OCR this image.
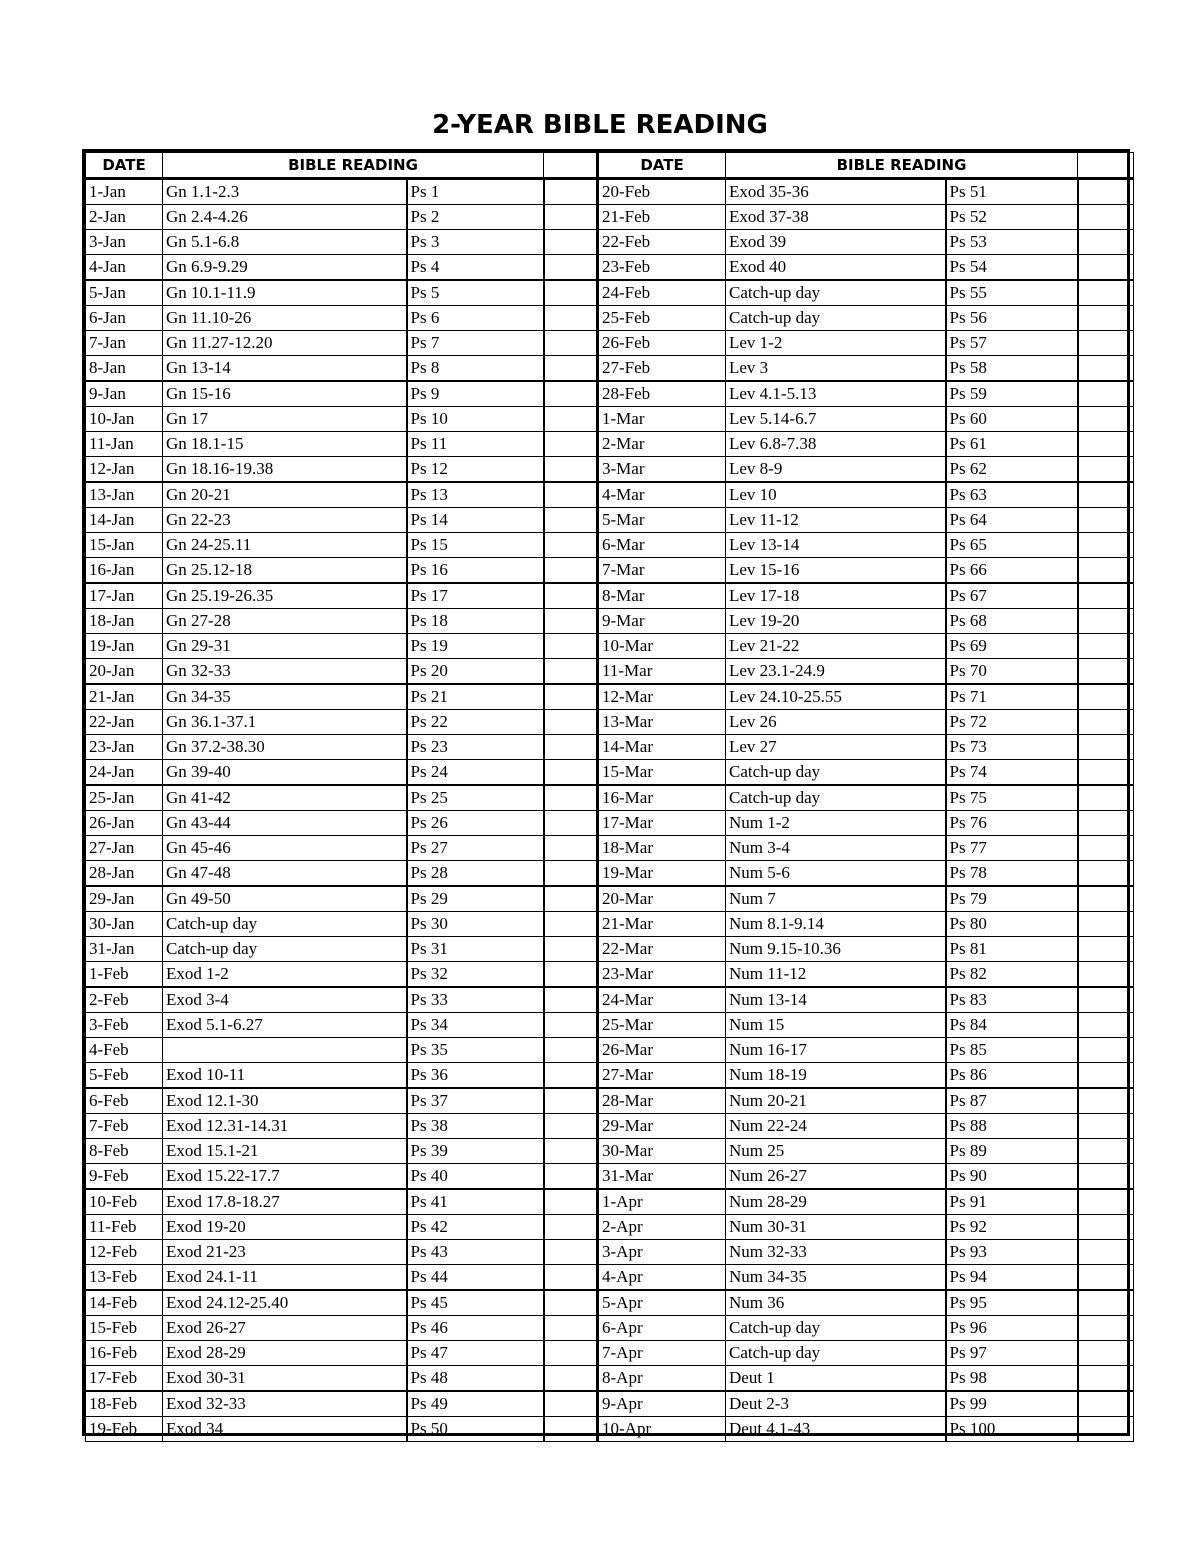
2-YEAR BIBLE READING
DATE	BIBLE READING			DATE	BIBLE READING		
1-Jan	Gn 1.1-2.3	Ps 1		20-Feb	Exod 35-36	Ps 51	
2-Jan	Gn 2.4-4.26	Ps 2		21-Feb	Exod 37-38	Ps 52	
3-Jan	Gn 5.1-6.8	Ps 3		22-Feb	Exod 39	Ps 53	
4-Jan	Gn 6.9-9.29	Ps 4		23-Feb	Exod 40	Ps 54	
5-Jan	Gn 10.1-11.9	Ps 5		24-Feb	Catch-up day	Ps 55	
6-Jan	Gn 11.10-26	Ps 6		25-Feb	Catch-up day	Ps 56	
7-Jan	Gn 11.27-12.20	Ps 7		26-Feb	Lev 1-2	Ps 57	
8-Jan	Gn 13-14	Ps 8		27-Feb	Lev 3	Ps 58	
9-Jan	Gn 15-16	Ps 9		28-Feb	Lev 4.1-5.13	Ps 59	
10-Jan	Gn 17	Ps 10		1-Mar	Lev 5.14-6.7	Ps 60	
11-Jan	Gn 18.1-15	Ps 11		2-Mar	Lev 6.8-7.38	Ps 61	
12-Jan	Gn 18.16-19.38	Ps 12		3-Mar	Lev 8-9	Ps 62	
13-Jan	Gn 20-21	Ps 13		4-Mar	Lev 10	Ps 63	
14-Jan	Gn 22-23	Ps 14		5-Mar	Lev 11-12	Ps 64	
15-Jan	Gn 24-25.11	Ps 15		6-Mar	Lev 13-14	Ps 65	
16-Jan	Gn 25.12-18	Ps 16		7-Mar	Lev 15-16	Ps 66	
17-Jan	Gn 25.19-26.35	Ps 17		8-Mar	Lev 17-18	Ps 67	
18-Jan	Gn 27-28	Ps 18		9-Mar	Lev 19-20	Ps 68	
19-Jan	Gn 29-31	Ps 19		10-Mar	Lev 21-22	Ps 69	
20-Jan	Gn 32-33	Ps 20		11-Mar	Lev 23.1-24.9	Ps 70	
21-Jan	Gn 34-35	Ps 21		12-Mar	Lev 24.10-25.55	Ps 71	
22-Jan	Gn 36.1-37.1	Ps 22		13-Mar	Lev 26	Ps 72	
23-Jan	Gn 37.2-38.30	Ps 23		14-Mar	Lev 27	Ps 73	
24-Jan	Gn 39-40	Ps 24		15-Mar	Catch-up day	Ps 74	
25-Jan	Gn 41-42	Ps 25		16-Mar	Catch-up day	Ps 75	
26-Jan	Gn 43-44	Ps 26		17-Mar	Num 1-2	Ps 76	
27-Jan	Gn 45-46	Ps 27		18-Mar	Num 3-4	Ps 77	
28-Jan	Gn 47-48	Ps 28		19-Mar	Num 5-6	Ps 78	
29-Jan	Gn 49-50	Ps 29		20-Mar	Num 7	Ps 79	
30-Jan	Catch-up day	Ps 30		21-Mar	Num 8.1-9.14	Ps 80	
31-Jan	Catch-up day	Ps 31		22-Mar	Num 9.15-10.36	Ps 81	
1-Feb	Exod 1-2	Ps 32		23-Mar	Num 11-12	Ps 82	
2-Feb	Exod 3-4	Ps 33		24-Mar	Num 13-14	Ps 83	
3-Feb	Exod 5.1-6.27	Ps 34		25-Mar	Num 15	Ps 84	
4-Feb		Ps 35		26-Mar	Num 16-17	Ps 85	
5-Feb	Exod 10-11	Ps 36		27-Mar	Num 18-19	Ps 86	
6-Feb	Exod 12.1-30	Ps 37		28-Mar	Num 20-21	Ps 87	
7-Feb	Exod 12.31-14.31	Ps 38		29-Mar	Num 22-24	Ps 88	
8-Feb	Exod 15.1-21	Ps 39		30-Mar	Num 25	Ps 89	
9-Feb	Exod 15.22-17.7	Ps 40		31-Mar	Num 26-27	Ps 90	
10-Feb	Exod 17.8-18.27	Ps 41		1-Apr	Num 28-29	Ps 91	
11-Feb	Exod 19-20	Ps 42		2-Apr	Num 30-31	Ps 92	
12-Feb	Exod 21-23	Ps 43		3-Apr	Num 32-33	Ps 93	
13-Feb	Exod 24.1-11	Ps 44		4-Apr	Num 34-35	Ps 94	
14-Feb	Exod 24.12-25.40	Ps 45		5-Apr	Num 36	Ps 95	
15-Feb	Exod 26-27	Ps 46		6-Apr	Catch-up day	Ps 96	
16-Feb	Exod 28-29	Ps 47		7-Apr	Catch-up day	Ps 97	
17-Feb	Exod 30-31	Ps 48		8-Apr	Deut 1	Ps 98	
18-Feb	Exod 32-33	Ps 49		9-Apr	Deut 2-3	Ps 99	
19-Feb	Exod 34	Ps 50		10-Apr	Deut 4.1-43	Ps 100	
